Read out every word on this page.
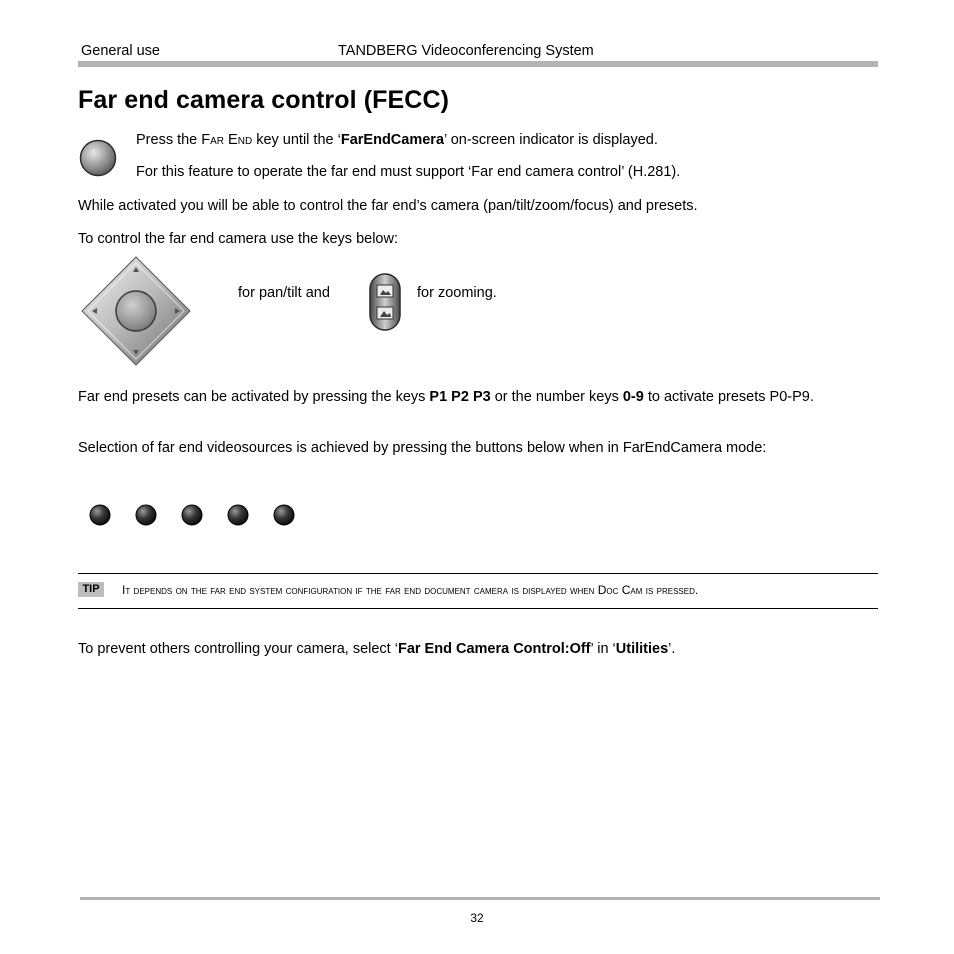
General use	TANDBERG Videoconferencing System
Far end camera control (FECC)
Press the Far End key until the ‘FarEndCamera’ on-screen indicator is displayed.
For this feature to operate the far end must support ‘Far end camera control’ (H.281).
While activated you will be able to control the far end’s camera (pan/tilt/zoom/focus) and presets.
To control the far end camera use the keys below:
for pan/tilt and	for zooming.
Far end presets can be activated by pressing the keys P1 P2 P3 or the number keys 0-9 to activate presets P0-P9.
Selection of far end videosources is achieved by pressing the buttons below when in FarEndCamera mode:
TIP	It depends on the far end system configuration if the far end document camera is displayed when Doc Cam is pressed.
To prevent others controlling your camera, select ‘Far End Camera Control:Off’ in ‘Utilities’.
32
